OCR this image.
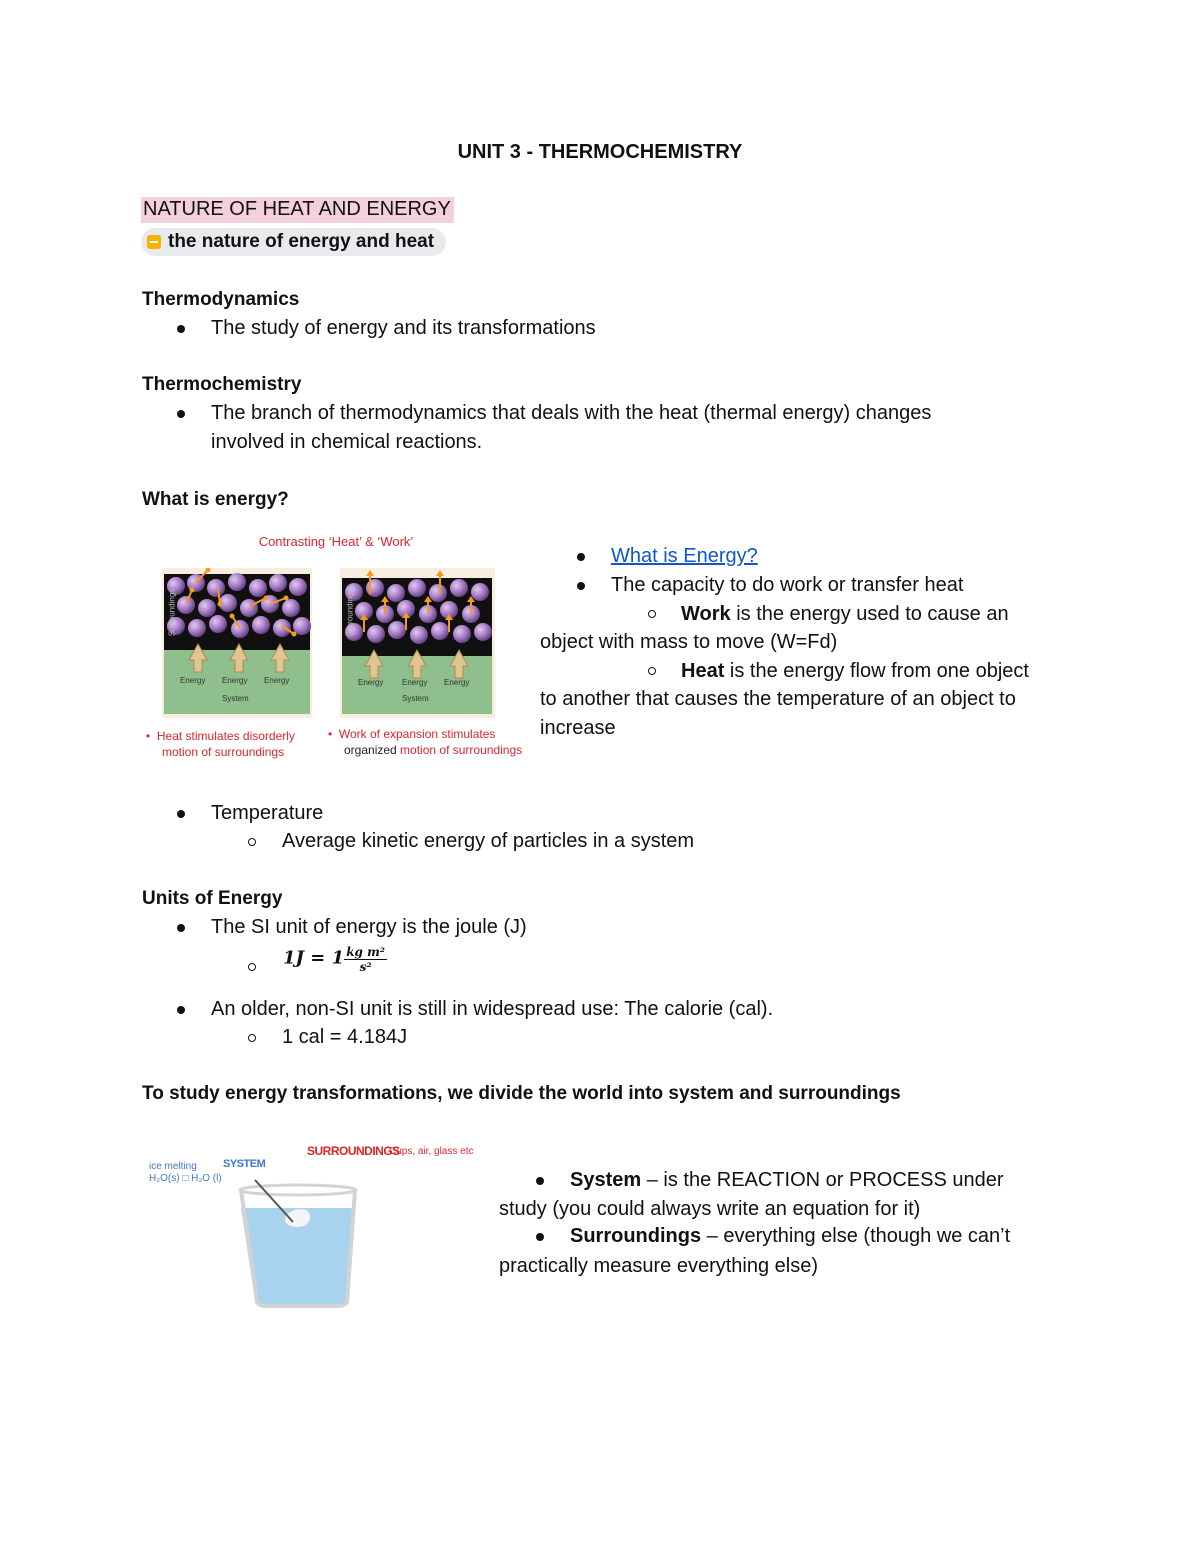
UNIT 3 - THERMOCHEMISTRY
NATURE OF HEAT AND ENERGY
the nature of energy and heat
Thermodynamics
The study of energy and its transformations
Thermochemistry
The branch of thermodynamics that deals with the heat (thermal energy) changes
involved in chemical reactions.
What is energy?
Contrasting ‘Heat’ & ‘Work’
Energy Energy Energy
System
Surroundings
Energy Energy Energy
System
Surroundings
•  Heat stimulates disorderly
motion of surroundings
•  Work of expansion stimulates
organized motion of surroundings
What is Energy?
The capacity to do work or transfer heat
Work is the energy used to cause an
object with mass to move (W=Fd)
Heat is the energy flow from one object
to another that causes the temperature of an object to
increase
Temperature
Average kinetic energy of particles in a system
Units of Energy
The SI unit of energy is the joule (J)
$1J = 1 \frac{\text{kg m²}}{\text{s²}}$
An older, non-SI unit is still in widespread use: The calorie (cal).
1 cal = 4.184J
To study energy transformations, we divide the world into system and surroundings
SURROUNDINGS
Cups, air, glass etc
SYSTEM
ice melting
H₂O(s) □ H₂O (l)	System – is the REACTION or PROCESS under
study (you could always write an equation for it)
Surroundings – everything else (though we can’t
practically measure everything else)
